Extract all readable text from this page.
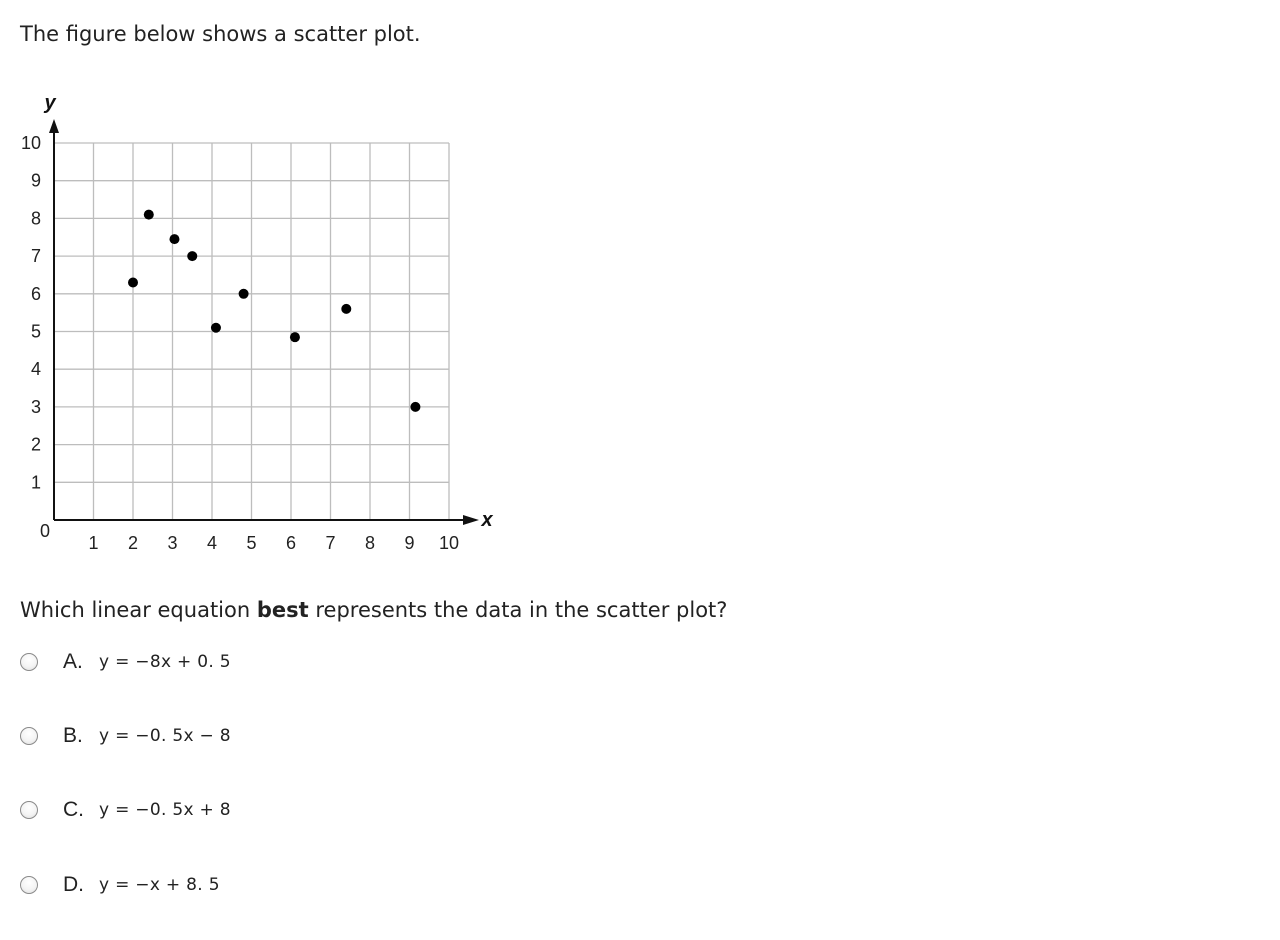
The figure below shows a scatter plot.

y
x
0
1 2 3 4 5 6 7 8 9 10
1
2
3
4
5
6
7
8
9
10

Which linear equation best represents the data in the scatter plot?

A. y = −8x + 0. 5
B. y = −0. 5x − 8
C. y = −0. 5x + 8
D. y = −x + 8. 5
